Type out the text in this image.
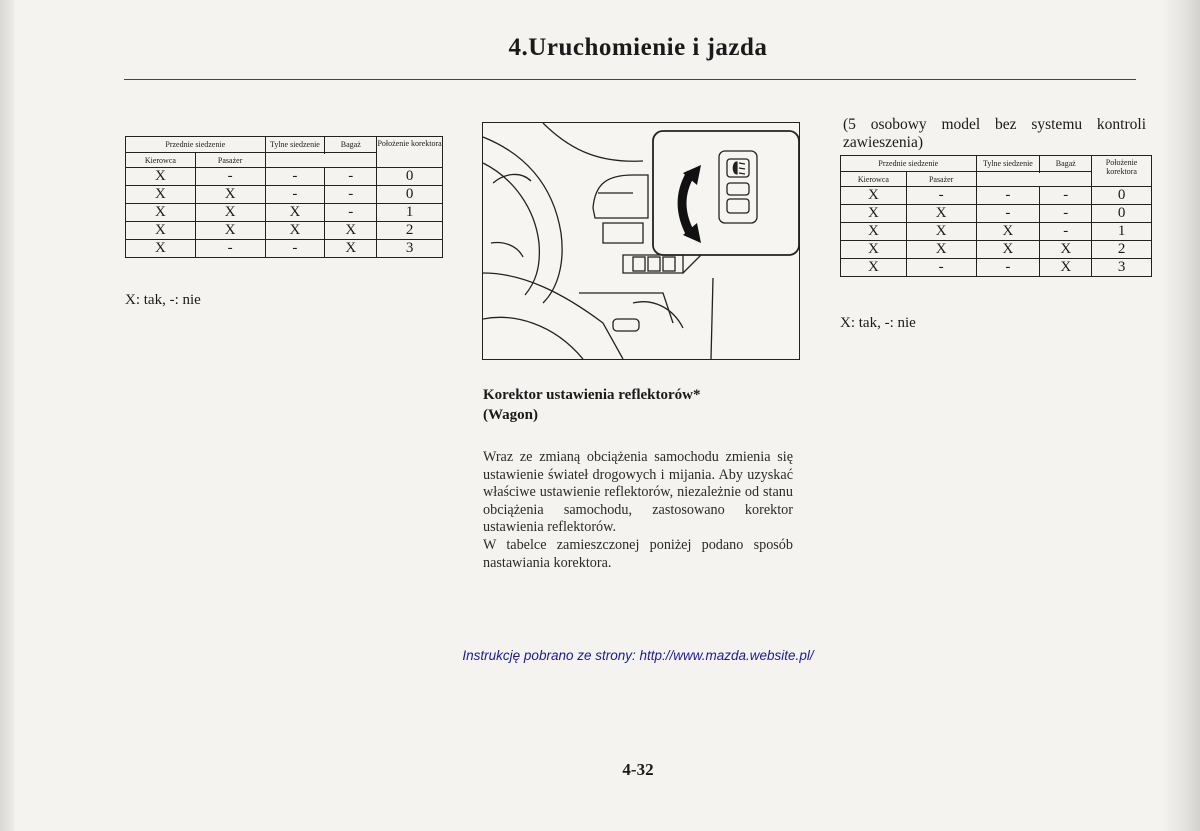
4.Uruchomienie i jazda
Przednie siedzenie		Tylne siedzenie	Bagaż	Położenie korektora
Kierowca	Pasażer			

X	-	-	-	0
X	X	-	-	0
X	X	X	-	1
X	X	X	X	2
X	-	-	X	3
X: tak, -: nie
(5 osobowy model bez systemu kontroli
zawieszenia)
Przednie siedzenie		Tylne siedzenie	Bagaż	Położenie korektora
Kierowca	Pasażer			

X	-	-	-	0
X	X	-	-	0
X	X	X	-	1
X	X	X	X	2
X	-	-	X	3
X: tak, -: nie
Korektor ustawienia reflektorów*
(Wagon)

Wraz ze zmianą obciążenia samochodu zmienia się ustawienie świateł drogowych i mijania. Aby uzyskać właściwe ustawienie reflektorów, niezależnie od stanu obciążenia samochodu, zastosowano korektor ustawienia reflektorów.

W tabelce zamieszczonej poniżej podano sposób nastawiania korektora.

Instrukcję pobrano ze strony: http://www.mazda.website.pl/
4-32
